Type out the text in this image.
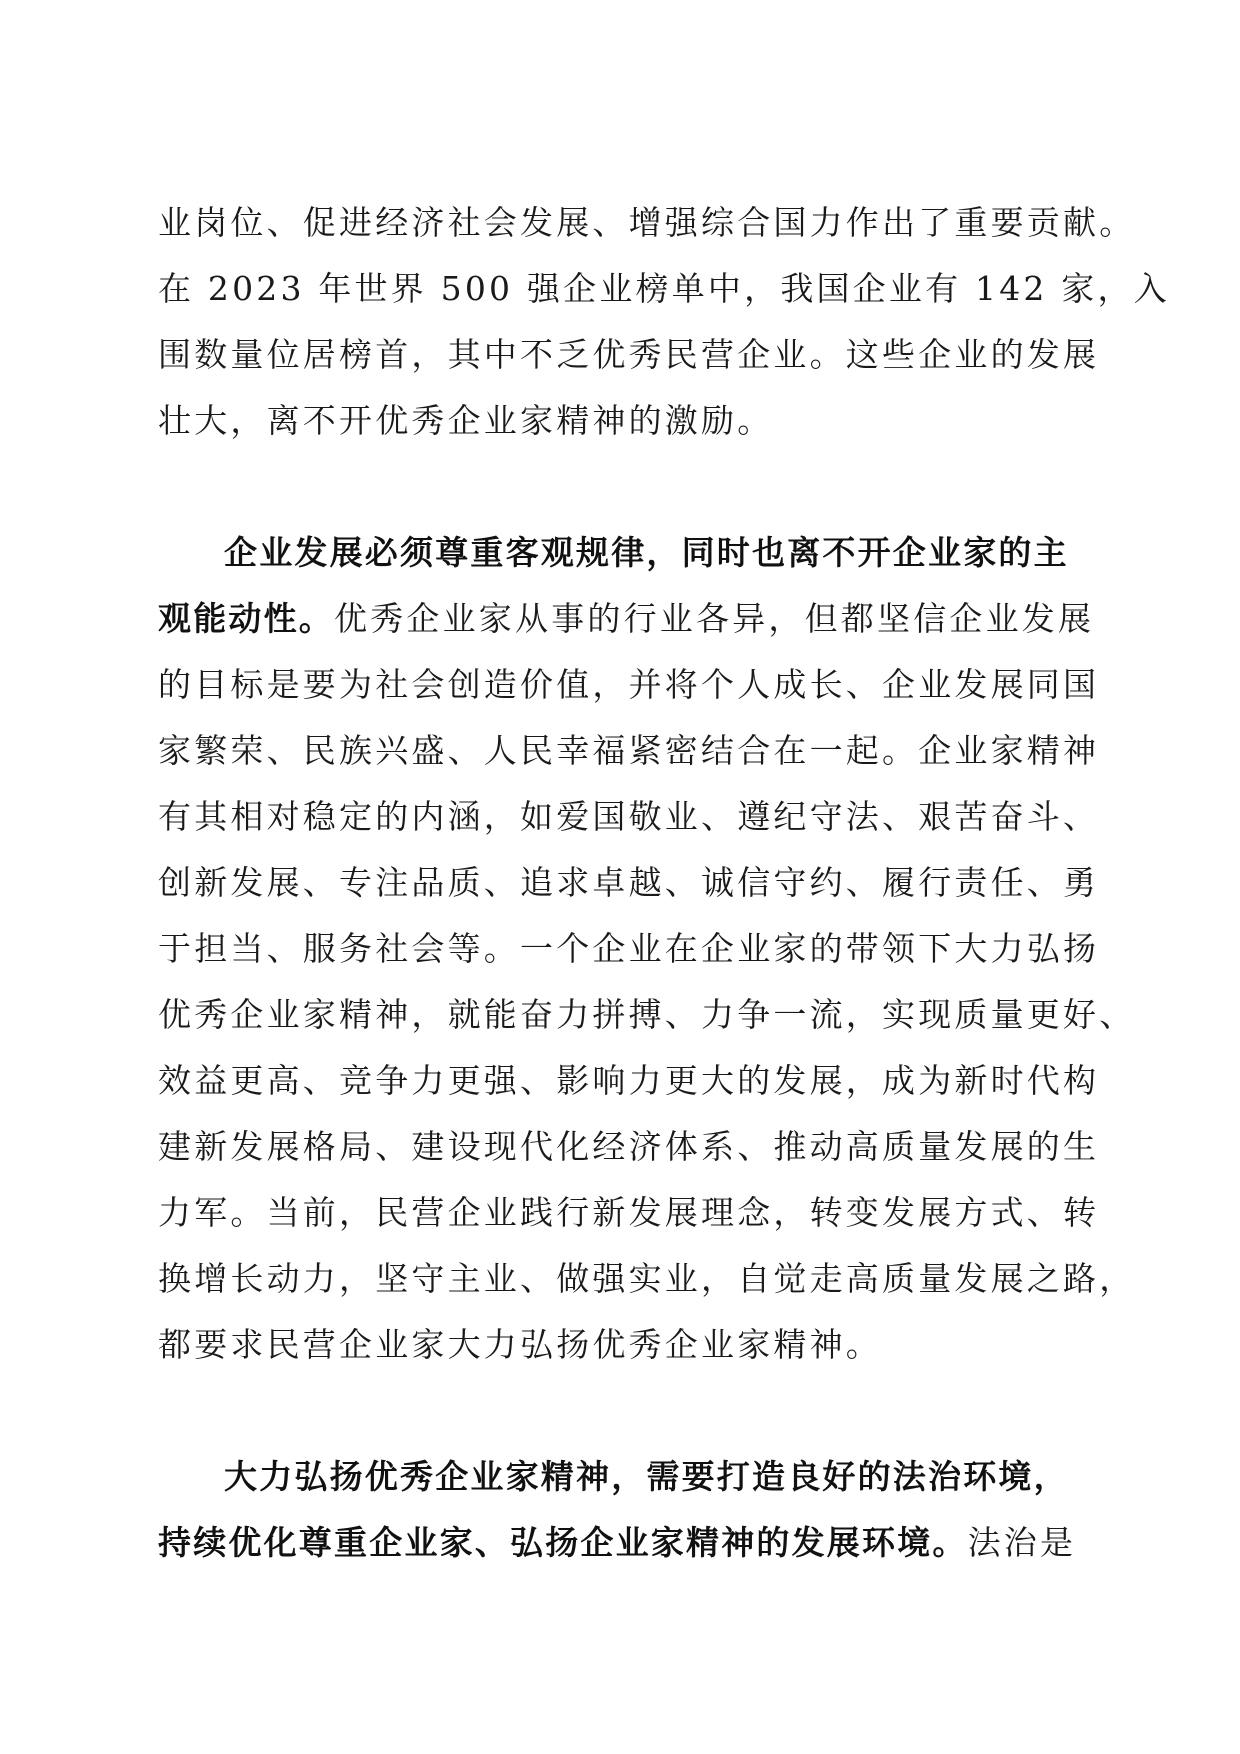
业岗位、促进经济社会发展、增强综合国力作出了重要贡献。
在 2023 年世界 500 强企业榜单中，我国企业有 142 家，入
围数量位居榜首，其中不乏优秀民营企业。这些企业的发展
壮大，离不开优秀企业家精神的激励。
企业发展必须尊重客观规律，同时也离不开企业家的主
观能动性。优秀企业家从事的行业各异，但都坚信企业发展
的目标是要为社会创造价值，并将个人成长、企业发展同国
家繁荣、民族兴盛、人民幸福紧密结合在一起。企业家精神
有其相对稳定的内涵，如爱国敬业、遵纪守法、艰苦奋斗、
创新发展、专注品质、追求卓越、诚信守约、履行责任、勇
于担当、服务社会等。一个企业在企业家的带领下大力弘扬
优秀企业家精神，就能奋力拼搏、力争一流，实现质量更好、
效益更高、竞争力更强、影响力更大的发展，成为新时代构
建新发展格局、建设现代化经济体系、推动高质量发展的生
力军。当前，民营企业践行新发展理念，转变发展方式、转
换增长动力，坚守主业、做强实业，自觉走高质量发展之路，
都要求民营企业家大力弘扬优秀企业家精神。
大力弘扬优秀企业家精神，需要打造良好的法治环境，
持续优化尊重企业家、弘扬企业家精神的发展环境。法治是
